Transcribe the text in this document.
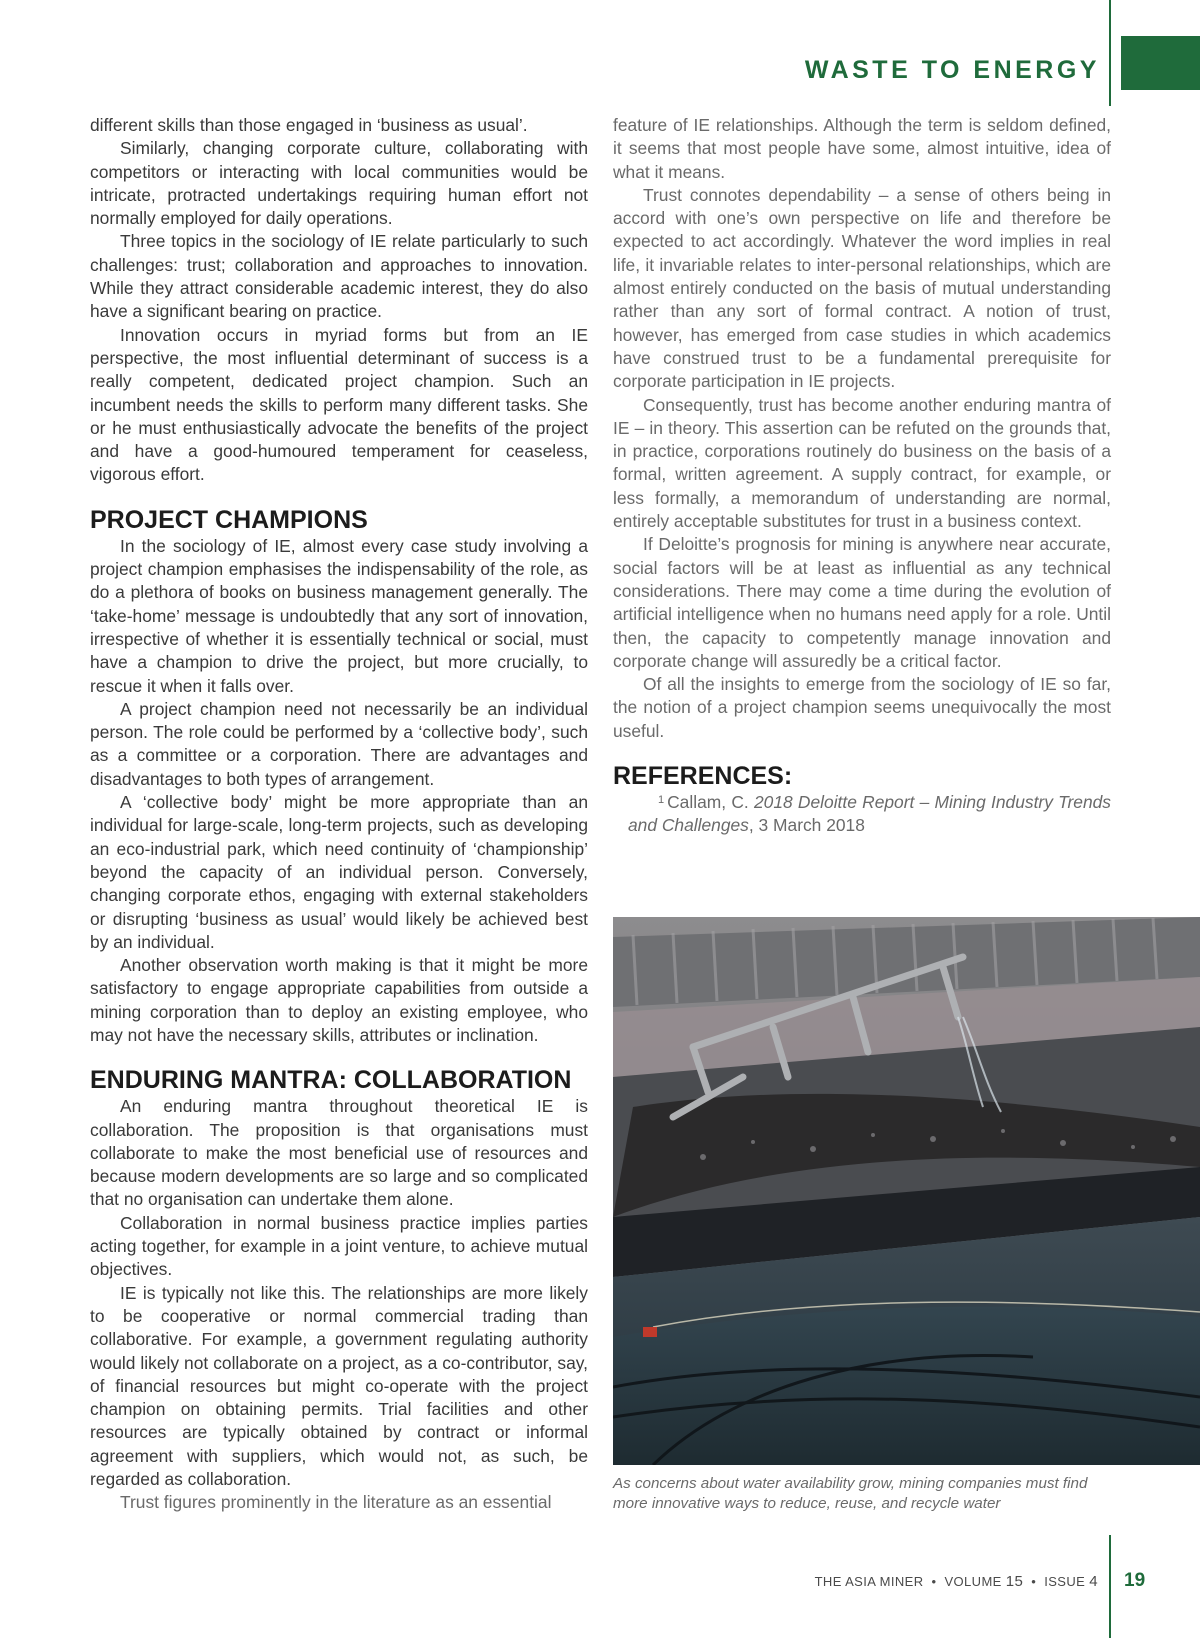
WASTE TO ENERGY

different skills than those engaged in ‘business as usual’.

Similarly, changing corporate culture, collaborating with competitors or interacting with local communities would be intricate, protracted undertakings requiring human effort not normally employed for daily operations.

Three topics in the sociology of IE relate particularly to such challenges: trust; collaboration and approaches to innovation. While they attract considerable academic interest, they do also have a significant bearing on practice.

Innovation occurs in myriad forms but from an IE perspective, the most influential determinant of success is a really competent, dedicated project champion. Such an incumbent needs the skills to perform many different tasks. She or he must enthusiastically advocate the benefits of the project and have a good-humoured temperament for ceaseless, vigorous effort.

PROJECT CHAMPIONS

In the sociology of IE, almost every case study involving a project champion emphasises the indispensability of the role, as do a plethora of books on business management generally. The ‘take-home’ message is undoubtedly that any sort of innovation, irrespective of whether it is essentially technical or social, must have a champion to drive the project, but more crucially, to rescue it when it falls over.

A project champion need not necessarily be an individual person. The role could be performed by a ‘collective body’, such as a committee or a corporation. There are advantages and disadvantages to both types of arrangement.

A ‘collective body’ might be more appropriate than an individual for large-scale, long-term projects, such as developing an eco-industrial park, which need continuity of ‘championship’ beyond the capacity of an individual person. Conversely, changing corporate ethos, engaging with external stakeholders or disrupting ‘business as usual’ would likely be achieved best by an individual.

Another observation worth making is that it might be more satisfactory to engage appropriate capabilities from outside a mining corporation than to deploy an existing employee, who may not have the necessary skills, attributes or inclination.

ENDURING MANTRA: COLLABORATION

An enduring mantra throughout theoretical IE is collaboration. The proposition is that organisations must collaborate to make the most beneficial use of resources and because modern developments are so large and so complicated that no organisation can undertake them alone.

Collaboration in normal business practice implies parties acting together, for example in a joint venture, to achieve mutual objectives.

IE is typically not like this. The relationships are more likely to be cooperative or normal commercial trading than collaborative. For example, a government regulating authority would likely not collaborate on a project, as a co-contributor, say, of financial resources but might co-operate with the project champion on obtaining permits. Trial facilities and other resources are typically obtained by contract or informal agreement with suppliers, which would not, as such, be regarded as collaboration.

Trust figures prominently in the literature as an essential

feature of IE relationships. Although the term is seldom defined, it seems that most people have some, almost intuitive, idea of what it means.

Trust connotes dependability – a sense of others being in accord with one’s own perspective on life and therefore be expected to act accordingly. Whatever the word implies in real life, it invariable relates to inter-personal relationships, which are almost entirely conducted on the basis of mutual understanding rather than any sort of formal contract. A notion of trust, however, has emerged from case studies in which academics have construed trust to be a fundamental prerequisite for corporate participation in IE projects.

Consequently, trust has become another enduring mantra of IE – in theory. This assertion can be refuted on the grounds that, in practice, corporations routinely do business on the basis of a formal, written agreement. A supply contract, for example, or less formally, a memorandum of understanding are normal, entirely acceptable substitutes for trust in a business context.

If Deloitte’s prognosis for mining is anywhere near accurate, social factors will be at least as influential as any technical considerations. There may come a time during the evolution of artificial intelligence when no humans need apply for a role. Until then, the capacity to competently manage innovation and corporate change will assuredly be a critical factor.

Of all the insights to emerge from the sociology of IE so far, the notion of a project champion seems unequivocally the most useful.

REFERENCES:

$^1$ Callam, C. 2018 Deloitte Report – Mining Industry Trends and Challenges, 3 March 2018

As concerns about water availability grow, mining companies must find more innovative ways to reduce, reuse, and recycle water
THE ASIA MINER • VOLUME 15 • ISSUE 4 19
